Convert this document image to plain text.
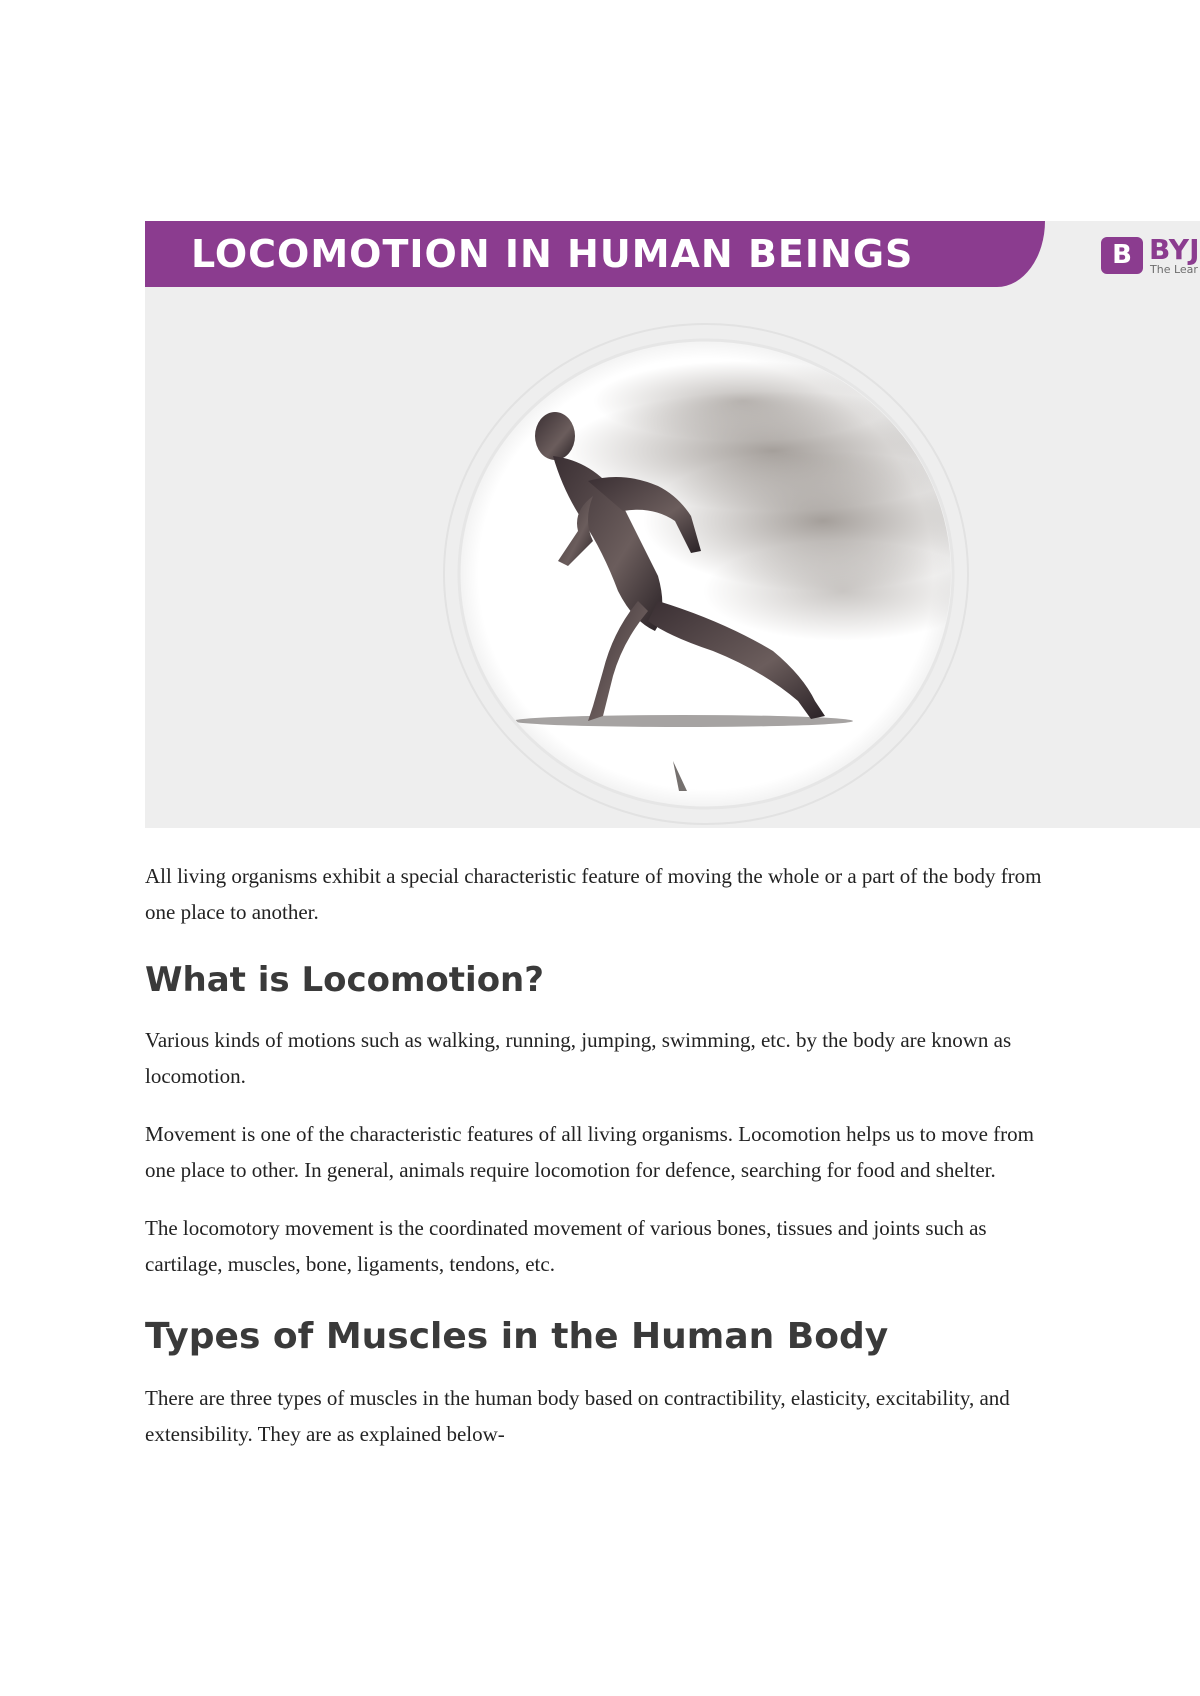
LOCOMOTION IN HUMAN BEINGS	B BYJ
The Lear

All living organisms exhibit a special characteristic feature of moving the whole or a part of the body from one place to another.

What is Locomotion?

Various kinds of motions such as walking, running, jumping, swimming, etc. by the body are known as locomotion.

Movement is one of the characteristic features of all living organisms. Locomotion helps us to move from one place to other. In general, animals require locomotion for defence, searching for food and shelter.

The locomotory movement is the coordinated movement of various bones, tissues and joints such as cartilage, muscles, bone, ligaments, tendons, etc.

Types of Muscles in the Human Body

There are three types of muscles in the human body based on contractibility, elasticity, excitability, and extensibility. They are as explained below-
